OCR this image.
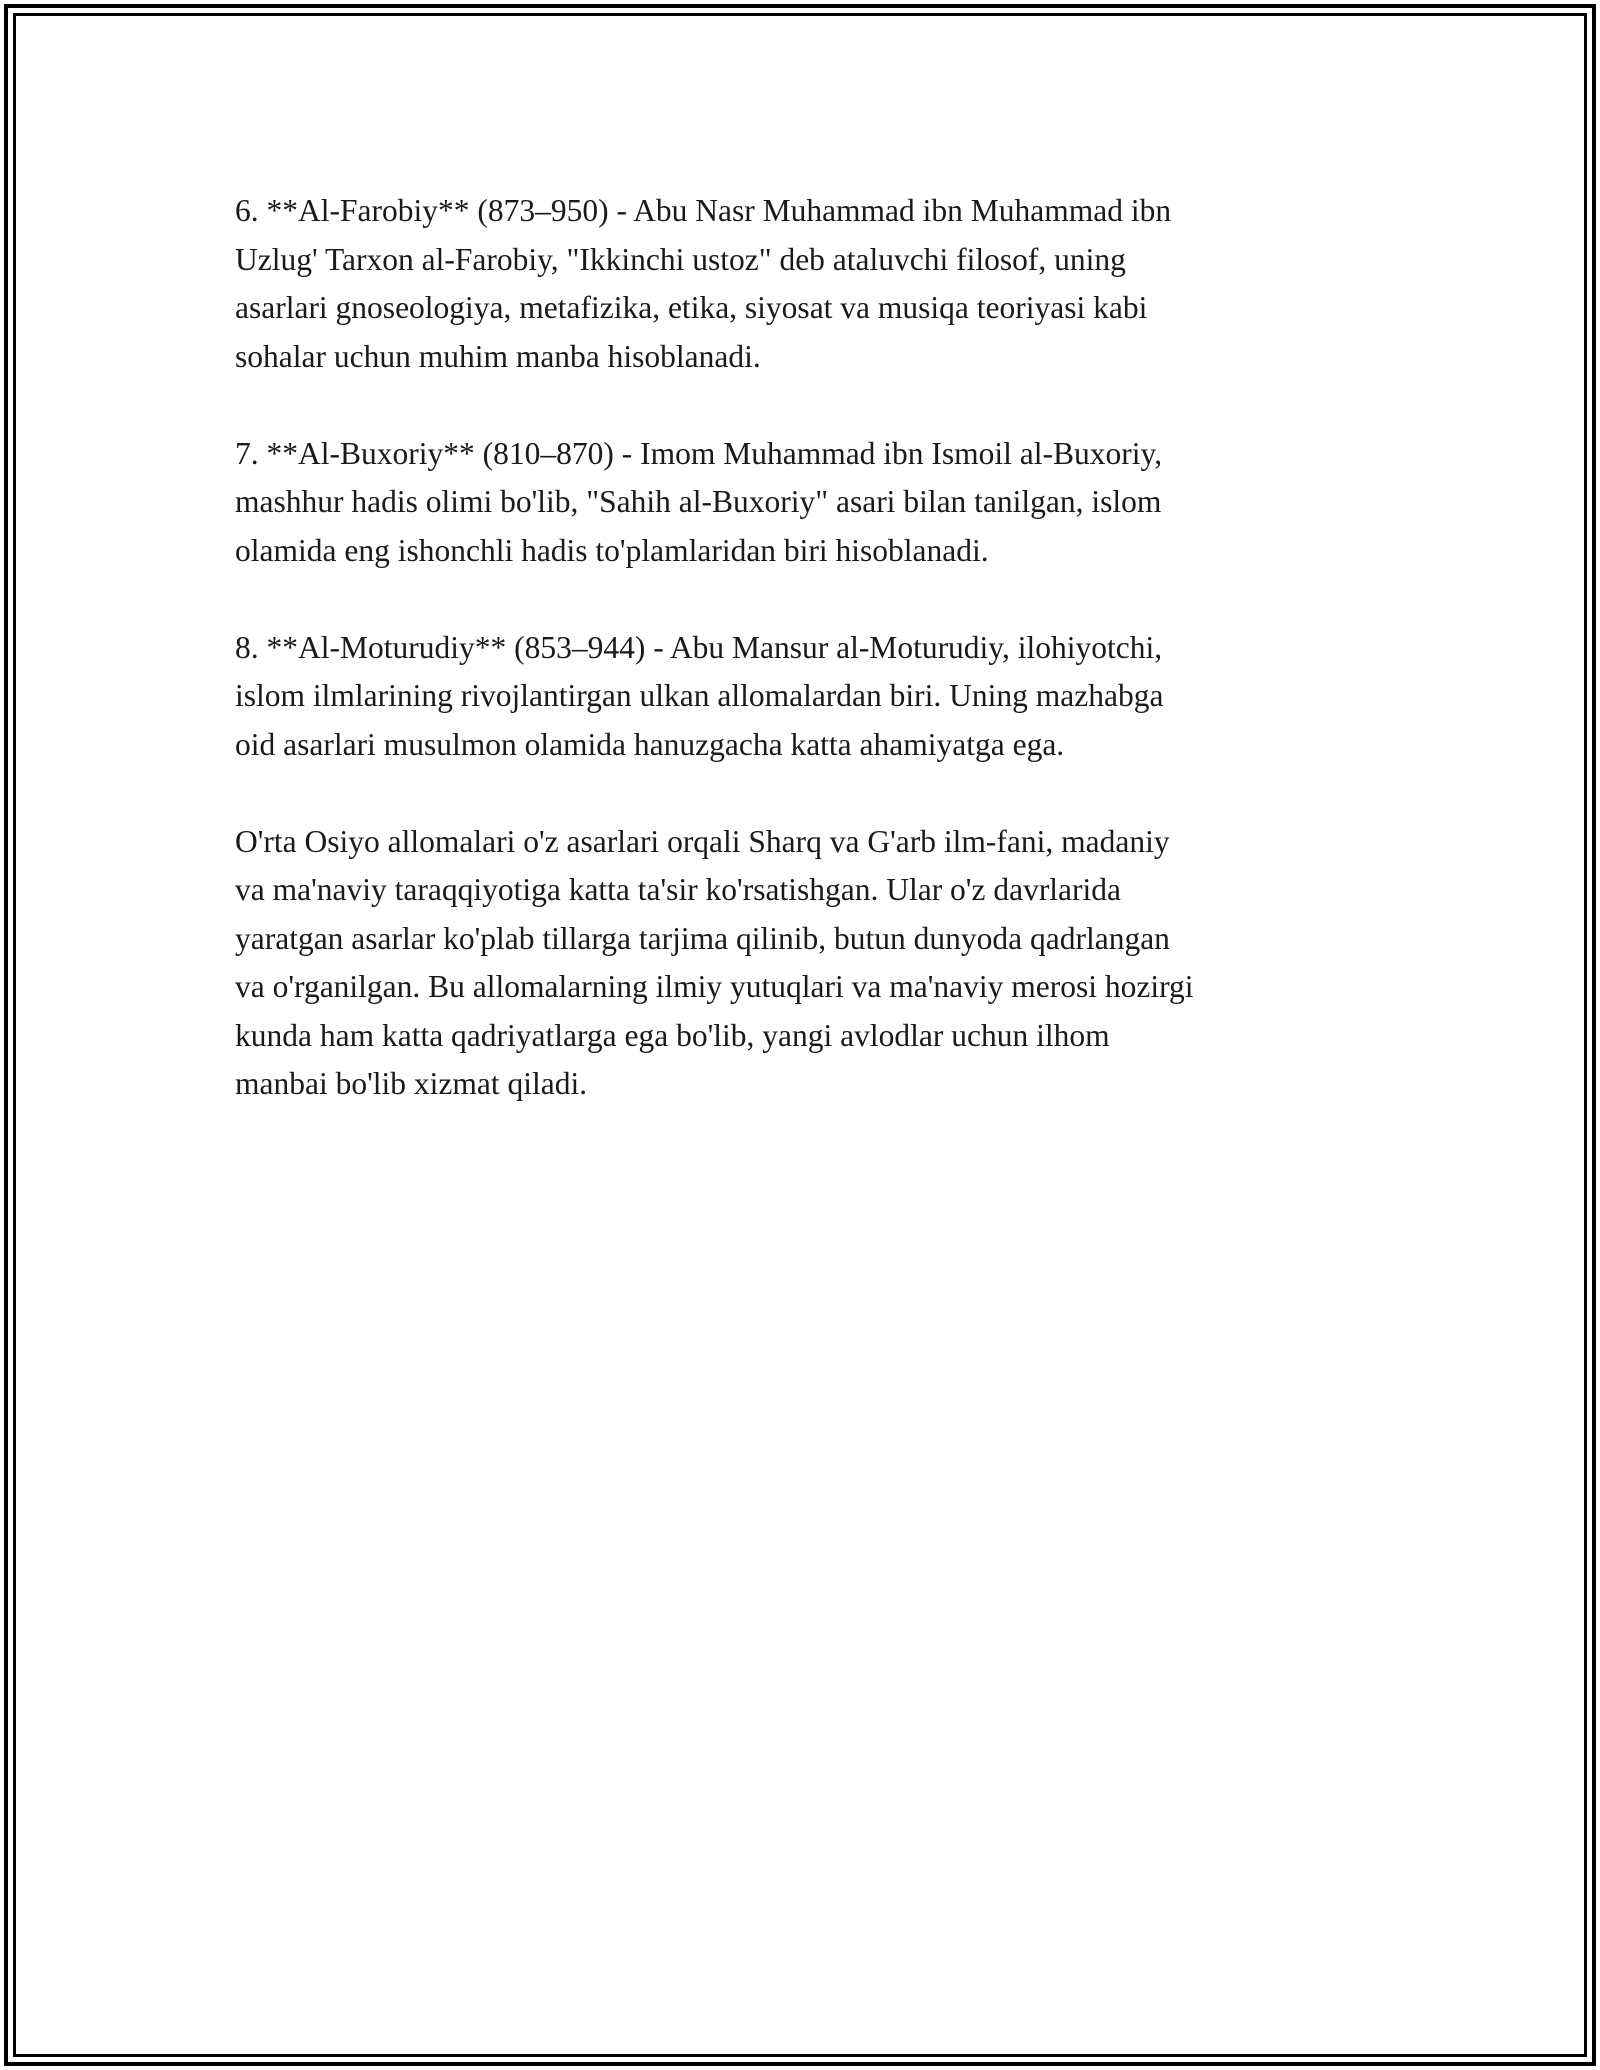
6. **Al-Farobiy** (873–950) - Abu Nasr Muhammad ibn Muhammad ibn
Uzlug' Tarxon al-Farobiy, "Ikkinchi ustoz" deb ataluvchi filosof, uning
asarlari gnoseologiya, metafizika, etika, siyosat va musiqa teoriyasi kabi
sohalar uchun muhim manba hisoblanadi.

7. **Al-Buxoriy** (810–870) - Imom Muhammad ibn Ismoil al-Buxoriy,
mashhur hadis olimi bo'lib, "Sahih al-Buxoriy" asari bilan tanilgan, islom
olamida eng ishonchli hadis to'plamlaridan biri hisoblanadi.

8. **Al-Moturudiy** (853–944) - Abu Mansur al-Moturudiy, ilohiyotchi,
islom ilmlarining rivojlantirgan ulkan allomalardan biri. Uning mazhabga
oid asarlari musulmon olamida hanuzgacha katta ahamiyatga ega.

O'rta Osiyo allomalari o'z asarlari orqali Sharq va G'arb ilm-fani, madaniy
va ma'naviy taraqqiyotiga katta ta'sir ko'rsatishgan. Ular o'z davrlarida
yaratgan asarlar ko'plab tillarga tarjima qilinib, butun dunyoda qadrlangan
va o'rganilgan. Bu allomalarning ilmiy yutuqlari va ma'naviy merosi hozirgi
kunda ham katta qadriyatlarga ega bo'lib, yangi avlodlar uchun ilhom
manbai bo'lib xizmat qiladi.
